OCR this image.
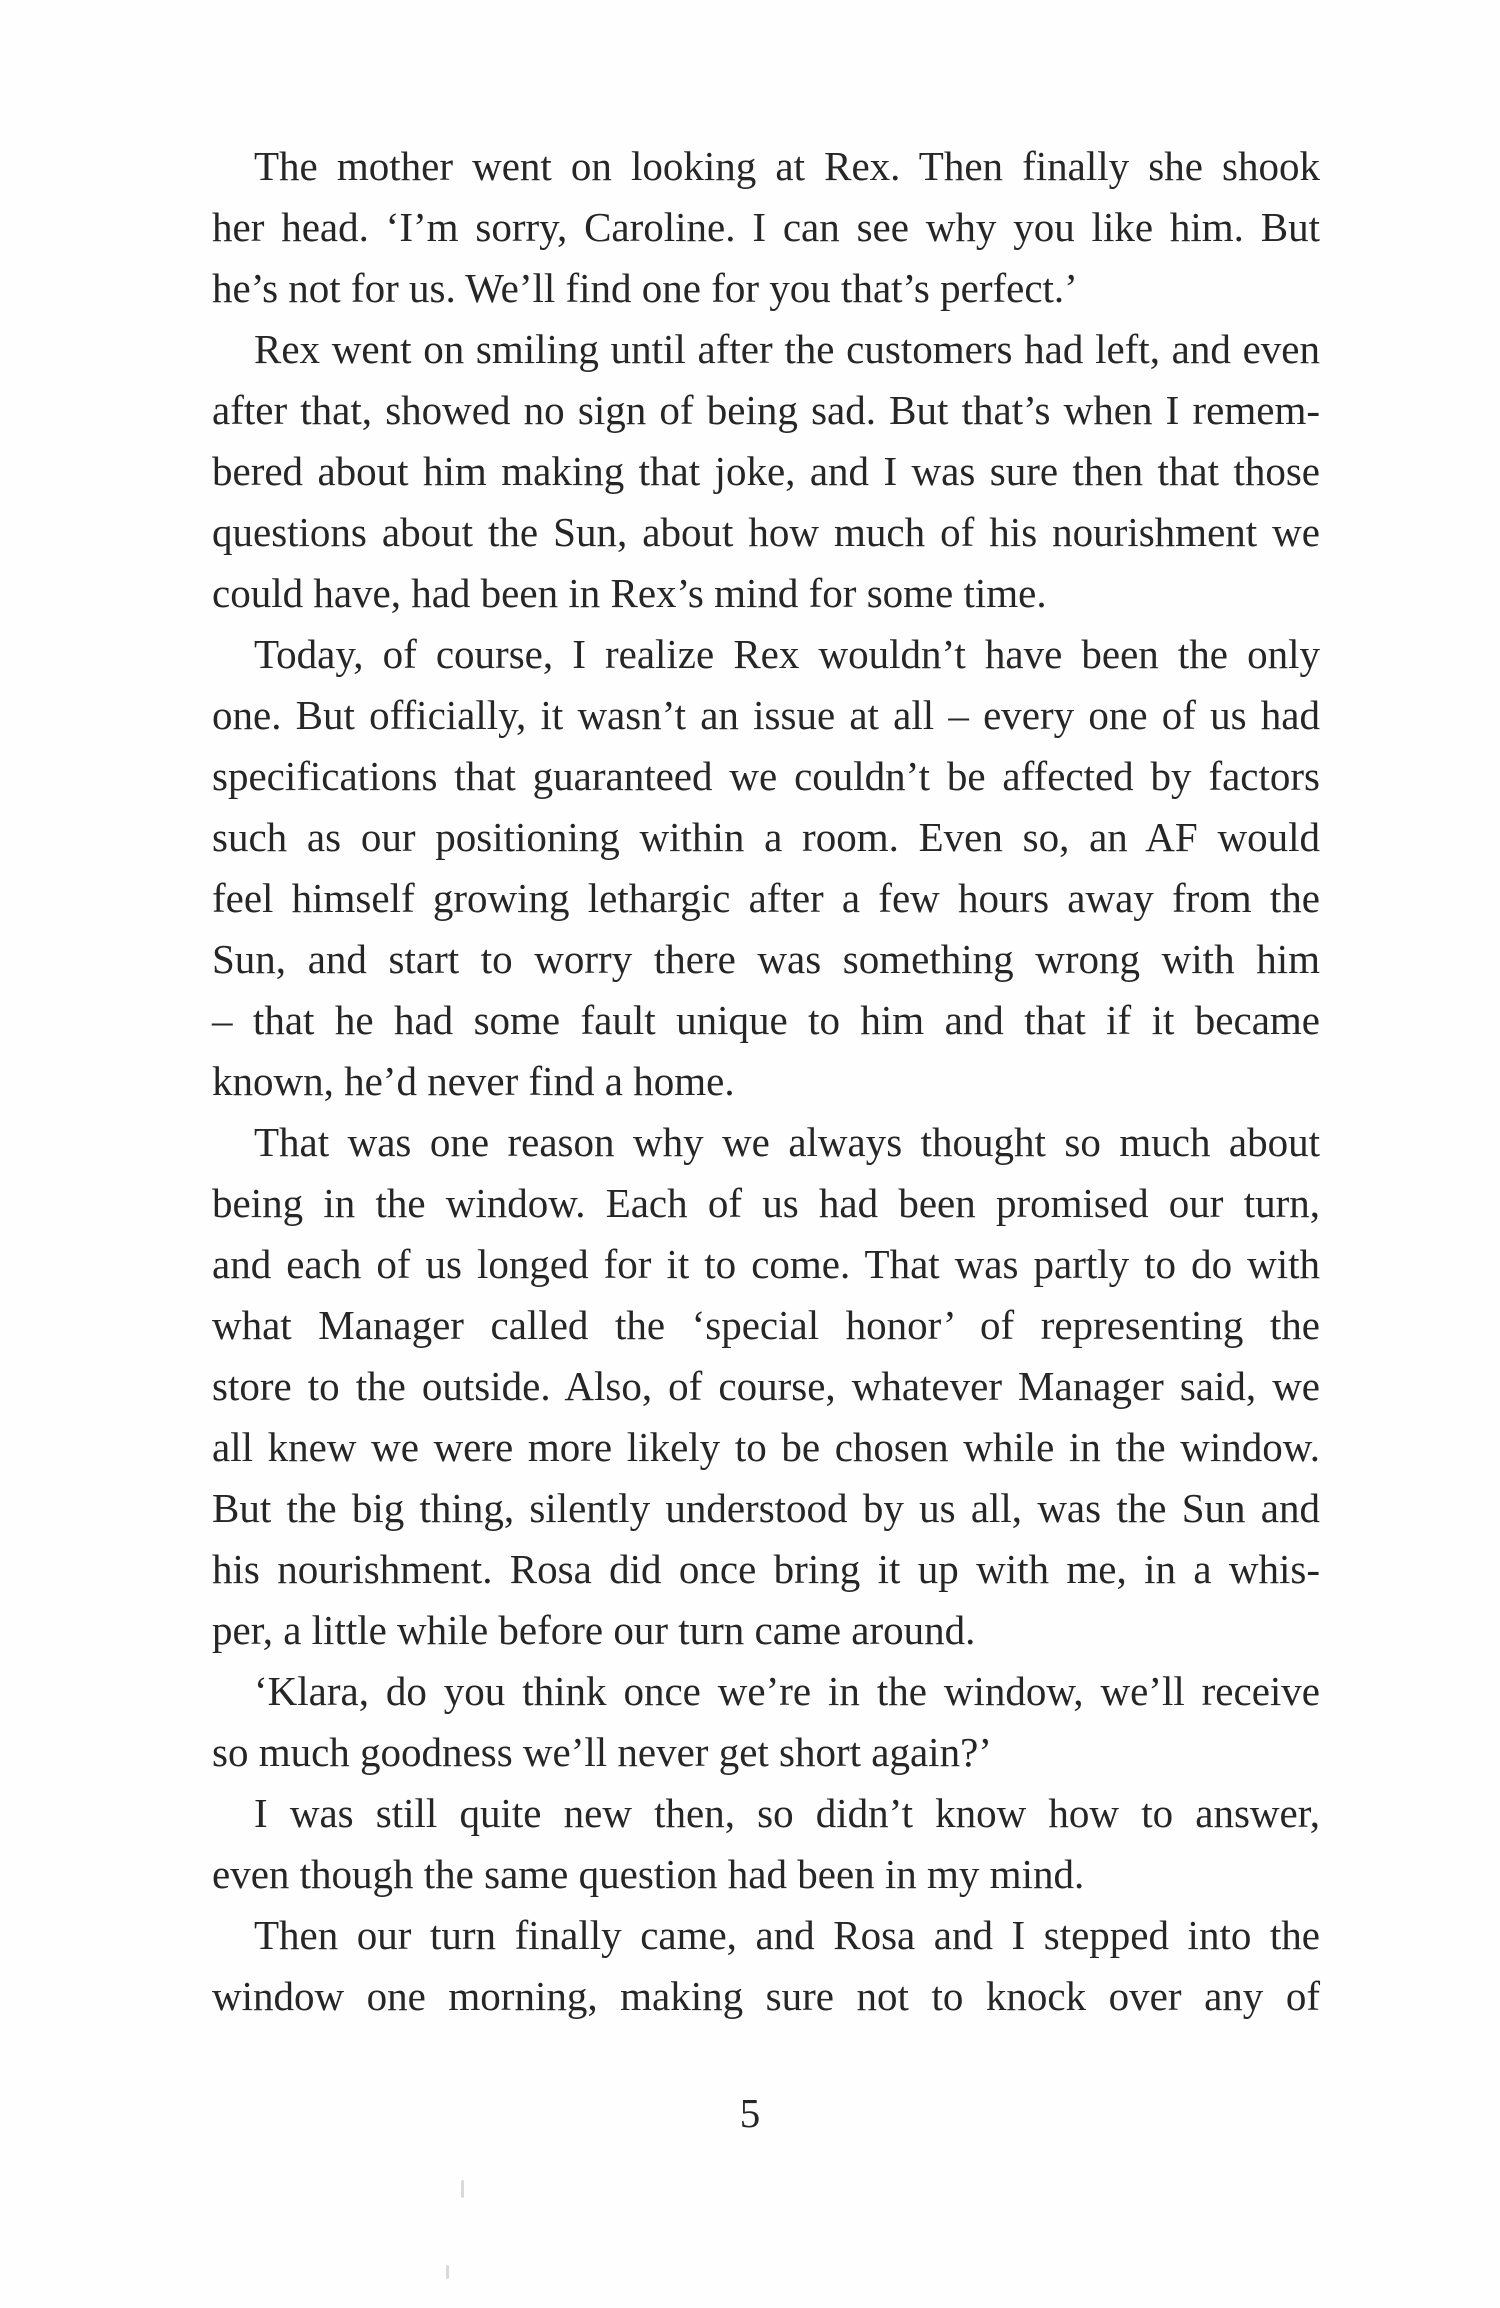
The mother went on looking at Rex. Then finally she shook
her head. ‘I’m sorry, Caroline. I can see why you like him. But
he’s not for us. We’ll find one for you that’s perfect.’

Rex went on smiling until after the customers had left, and even
after that, showed no sign of being sad. But that’s when I remem-
bered about him making that joke, and I was sure then that those
questions about the Sun, about how much of his nourishment we
could have, had been in Rex’s mind for some time.

Today, of course, I realize Rex wouldn’t have been the only
one. But officially, it wasn’t an issue at all – every one of us had
specifications that guaranteed we couldn’t be affected by factors
such as our positioning within a room. Even so, an AF would
feel himself growing lethargic after a few hours away from the
Sun, and start to worry there was something wrong with him
– that he had some fault unique to him and that if it became
known, he’d never find a home.

That was one reason why we always thought so much about
being in the window. Each of us had been promised our turn,
and each of us longed for it to come. That was partly to do with
what Manager called the ‘special honor’ of representing the
store to the outside. Also, of course, whatever Manager said, we
all knew we were more likely to be chosen while in the window.
But the big thing, silently understood by us all, was the Sun and
his nourishment. Rosa did once bring it up with me, in a whis-
per, a little while before our turn came around.

‘Klara, do you think once we’re in the window, we’ll receive
so much goodness we’ll never get short again?’

I was still quite new then, so didn’t know how to answer,
even though the same question had been in my mind.

Then our turn finally came, and Rosa and I stepped into the
window one morning, making sure not to knock over any of

5
